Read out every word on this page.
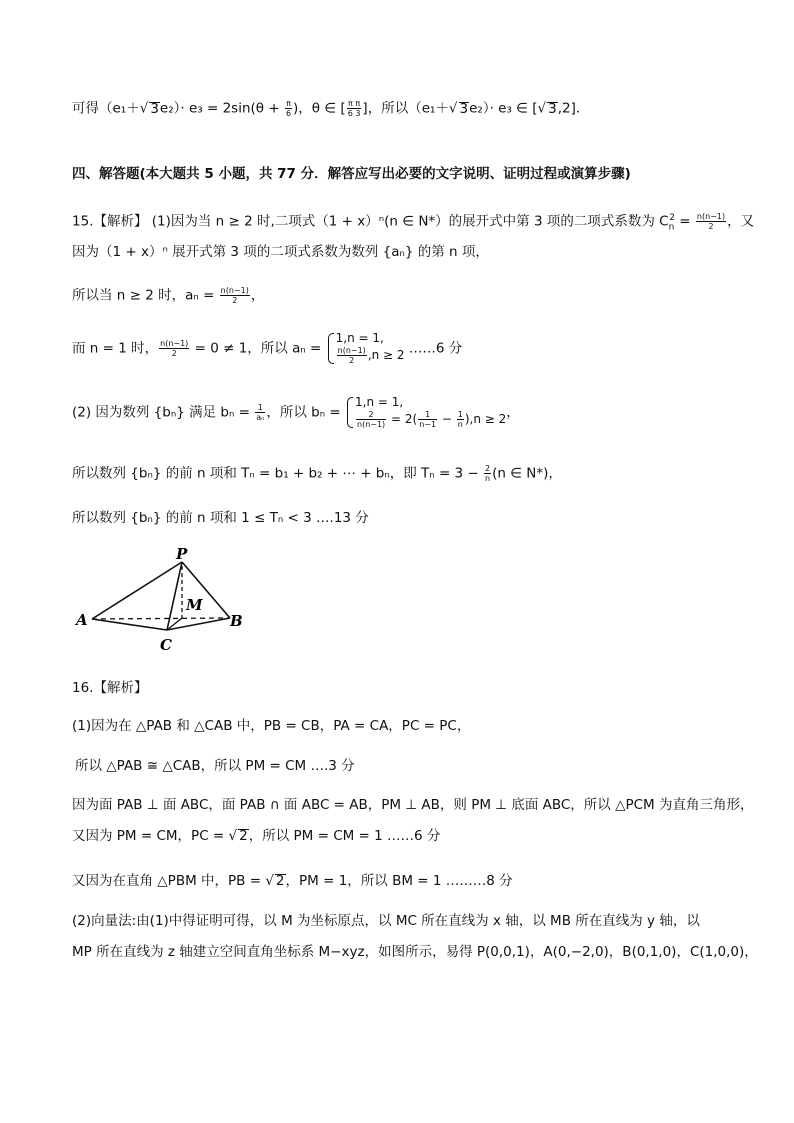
可得（e₁＋√ $3e_2)\cdot e_3 = 2\sin(\theta + \frac{\pi}{6}$ )，θ ∈ [ $\frac{\text{π π}}{6 3}$ ]，所以（e₁＋√ 3e₂）· e₃ ∈ [√ 3,2]．
四、解答题(本大题共 5 小题，共 77 分．解答应写出必要的文字说明、证明过程或演算步骤)
15.【解析】 (1)因为当 n ≥ 2 时,二项式（1 + x）ⁿ(n ∈ N*）的展开式中第 3 项的二项式系数为 $C_n^2 = \frac{n(n-1)}{2}$ ，又
因为（1 + x）ⁿ 展开式第 3 项的二项式系数为数列 {aₙ} 的第 n 项，
所以当 n ≥ 2 时，$a_n = \frac{n(n-1)}{2}$ ，
而 n = 1 时， $\frac{n(n-1)}{2} = 0 \ne 1$，所以 aₙ =
1,n = 1,
$\frac{n(n-1)}{2} ,n \ge 2$ ……6 分
(2) 因为数列 {bₙ} 满足 $b_n = \frac{1}{\text{aₙ}}$ ，所以 bₙ =
1,n = 1,
$\frac{2}{n(n-1)} = 2( \frac{1}{n-1} - \frac{1}{n} ),n \ge 2$ ，
所以数列 {bₙ} 的前 n 项和 Tₙ = b₁ + b₂ + ⋯ + bₙ，即 $T_n = 3 - \frac{2}{n} (n$ ∈ N*)，
所以数列 {bₙ} 的前 n 项和 1 ≤ Tₙ < 3 ….13 分
P
M
A	B
C
16.【解析】
(1)因为在 △PAB 和 △CAB 中，PB = CB，PA = CA，PC = PC，
所以 △PAB ≅ △CAB，所以 PM = CM ….3 分
因为面 PAB ⊥ 面 ABC，面 PAB ∩ 面 ABC = AB，PM ⊥ AB，则 PM ⊥ 底面 ABC，所以 △PCM 为直角三角形，
又因为 PM = CM，PC = √ 2，所以 PM = CM = 1 ……6 分
又因为在直角 △PBM 中，PB = √ 2，PM = 1，所以 BM = 1 ………8 分
(2)向量法:由(1)中得证明可得，以 M 为坐标原点，以 MC 所在直线为 x 轴，以 MB 所在直线为 y 轴，以
MP 所在直线为 z 轴建立空间直角坐标系 M−xyz，如图所示，易得 P(0,0,1)，A(0,−2,0)，B(0,1,0)，C(1,0,0)，
